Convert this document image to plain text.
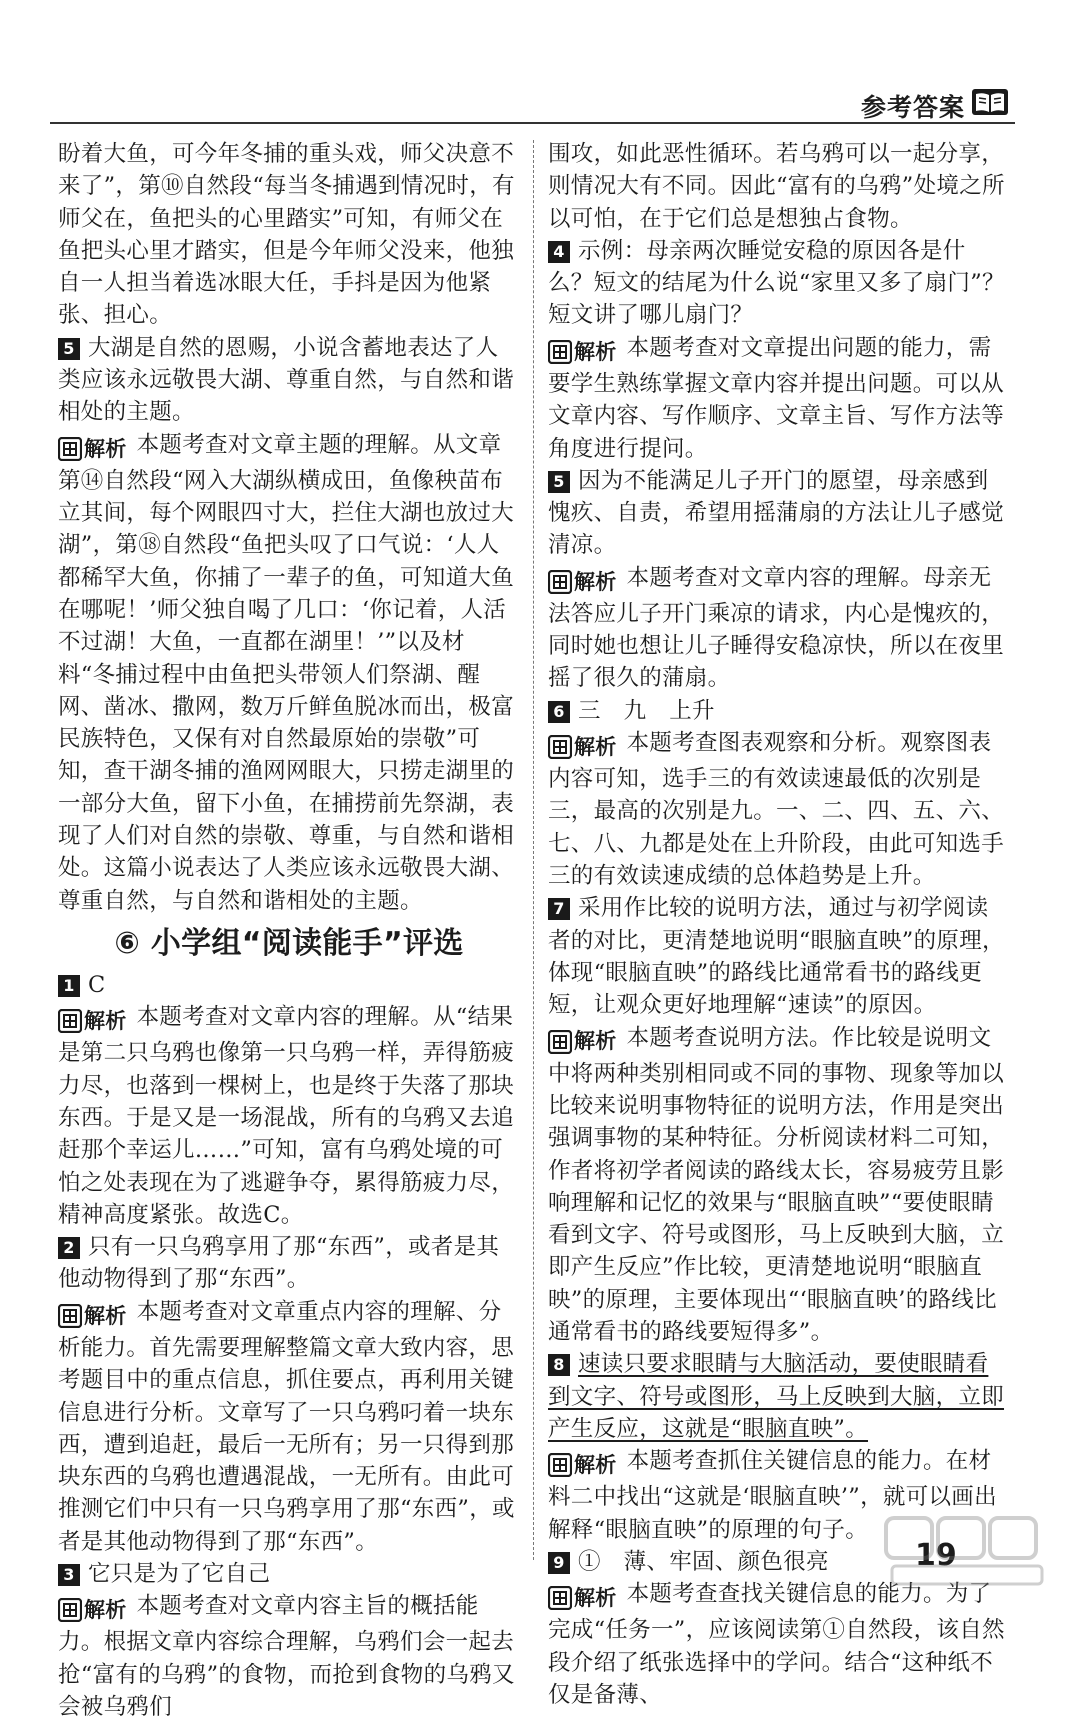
参考答案

盼着大鱼，可今年冬捕的重头戏，师父决意不来了”，第⑩自然段“每当冬捕遇到情况时，有师父在，鱼把头的心里踏实”可知，有师父在鱼把头心里才踏实，但是今年师父没来，他独自一人担当着选冰眼大任，手抖是因为他紧张、担心。

5 大湖是自然的恩赐，小说含蓄地表达了人类应该永远敬畏大湖、尊重自然，与自然和谐相处的主题。

解析 本题考查对文章主题的理解。从文章第⑭自然段“网入大湖纵横成田，鱼像秧苗布立其间，每个网眼四寸大，拦住大湖也放过大湖”，第⑱自然段“鱼把头叹了口气说：‘人人都稀罕大鱼，你捕了一辈子的鱼，可知道大鱼在哪呢！’师父独自喝了几口：‘你记着，人活不过湖！大鱼，一直都在湖里！’”以及材料“冬捕过程中由鱼把头带领人们祭湖、醒网、凿冰、撒网，数万斤鲜鱼脱冰而出，极富民族特色，又保有对自然最原始的崇敬”可知，查干湖冬捕的渔网网眼大，只捞走湖里的一部分大鱼，留下小鱼，在捕捞前先祭湖，表现了人们对自然的崇敬、尊重，与自然和谐相处。这篇小说表达了人类应该永远敬畏大湖、尊重自然，与自然和谐相处的主题。

⑥ 小学组“阅读能手”评选

1 C

解析 本题考查对文章内容的理解。从“结果是第二只乌鸦也像第一只乌鸦一样，弄得筋疲力尽，也落到一棵树上，也是终于失落了那块东西。于是又是一场混战，所有的乌鸦又去追赶那个幸运儿……”可知，富有乌鸦处境的可怕之处表现在为了逃避争夺，累得筋疲力尽，精神高度紧张。故选C。

2 只有一只乌鸦享用了那“东西”，或者是其他动物得到了那“东西”。

解析 本题考查对文章重点内容的理解、分析能力。首先需要理解整篇文章大致内容，思考题目中的重点信息，抓住要点，再利用关键信息进行分析。文章写了一只乌鸦叼着一块东西，遭到追赶，最后一无所有；另一只得到那块东西的乌鸦也遭遇混战，一无所有。由此可推测它们中只有一只乌鸦享用了那“东西”，或者是其他动物得到了那“东西”。

3 它只是为了它自己

解析 本题考查对文章内容主旨的概括能力。根据文章内容综合理解，乌鸦们会一起去抢“富有的乌鸦”的食物，而抢到食物的乌鸦又会被乌鸦们

围攻，如此恶性循环。若乌鸦可以一起分享，则情况大有不同。因此“富有的乌鸦”处境之所以可怕，在于它们总是想独占食物。

4 示例：母亲两次睡觉安稳的原因各是什么？短文的结尾为什么说“家里又多了扇门”？　短文讲了哪儿扇门？

解析 本题考查对文章提出问题的能力，需要学生熟练掌握文章内容并提出问题。可以从文章内容、写作顺序、文章主旨、写作方法等角度进行提问。

5 因为不能满足儿子开门的愿望，母亲感到愧疚、自责，希望用摇蒲扇的方法让儿子感觉清凉。

解析 本题考查对文章内容的理解。母亲无法答应儿子开门乘凉的请求，内心是愧疚的，同时她也想让儿子睡得安稳凉快，所以在夜里摇了很久的蒲扇。

6 三　九　上升

解析 本题考查图表观察和分析。观察图表内容可知，选手三的有效读速最低的次别是三，最高的次别是九。一、二、四、五、六、七、八、九都是处在上升阶段，由此可知选手三的有效读速成绩的总体趋势是上升。

7 采用作比较的说明方法，通过与初学阅读者的对比，更清楚地说明“眼脑直映”的原理，体现“眼脑直映”的路线比通常看书的路线更短，让观众更好地理解“速读”的原因。

解析 本题考查说明方法。作比较是说明文中将两种类别相同或不同的事物、现象等加以比较来说明事物特征的说明方法，作用是突出强调事物的某种特征。分析阅读材料二可知，作者将初学者阅读的路线太长，容易疲劳且影响理解和记忆的效果与“眼脑直映”“要使眼睛看到文字、符号或图形，马上反映到大脑，立即产生反应”作比较，更清楚地说明“眼脑直映”的原理，主要体现出“‘眼脑直映’的路线比通常看书的路线要短得多”。

8 速读只要求眼睛与大脑活动，要使眼睛看到文字、符号或图形，马上反映到大脑，立即产生反应，这就是“眼脑直映”。

解析 本题考查抓住关键信息的能力。在材料二中找出“这就是‘眼脑直映’”，就可以画出解释“眼脑直映”的原理的句子。

9 ①　薄、牢固、颜色很亮

解析 本题考查查找关键信息的能力。为了完成“任务一”，应该阅读第①自然段，该自然段介绍了纸张选择中的学问。结合“这种纸不仅是备薄、

19
